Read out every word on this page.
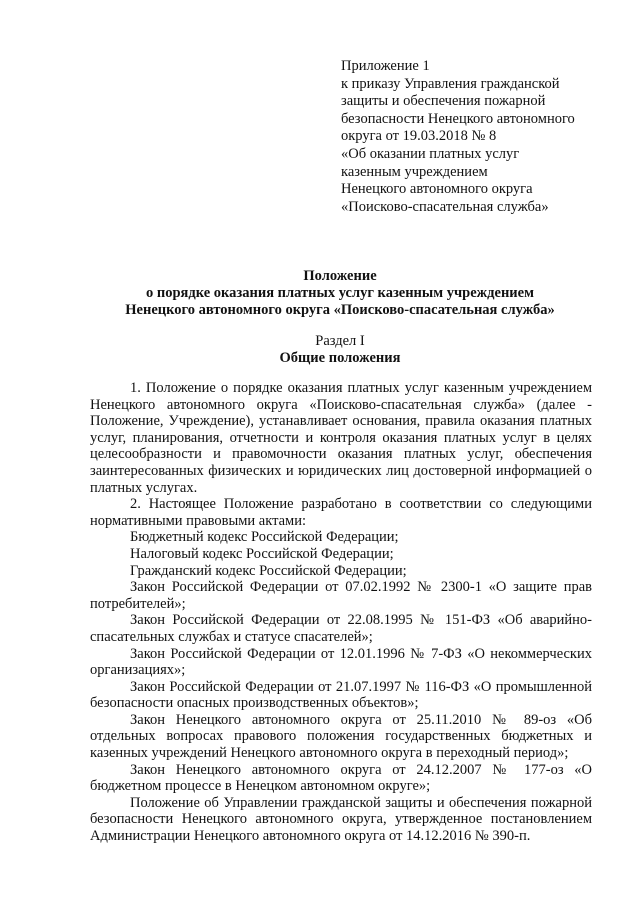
Приложение 1
к приказу Управления гражданской
защиты и обеспечения пожарной
безопасности Ненецкого автономного
округа от 19.03.2018 № 8
«Об оказании платных услуг
казенным учреждением
Ненецкого автономного округа
«Поисково-спасательная служба»
Положение
о порядке оказания платных услуг казенным учреждением
Ненецкого автономного округа «Поисково-спасательная служба»
Раздел I
Общие положения

1. Положение о порядке оказания платных услуг казенным учреждением Ненецкого автономного округа «Поисково-спасательная служба» (далее - Положение, Учреждение), устанавливает основания, правила оказания платных услуг, планирования, отчетности и контроля оказания платных услуг в целях целесообразности и правомочности оказания платных услуг, обеспечения заинтересованных физических и юридических лиц достоверной информацией о платных услугах.

2. Настоящее Положение разработано в соответствии со следующими нормативными правовыми актами:

Бюджетный кодекс Российской Федерации;

Налоговый кодекс Российской Федерации;

Гражданский кодекс Российской Федерации;

Закон Российской Федерации от 07.02.1992 № 2300-1 «О защите прав потребителей»;

Закон Российской Федерации от 22.08.1995 № 151-ФЗ «Об аварийно-спасательных службах и статусе спасателей»;

Закон Российской Федерации от 12.01.1996 № 7-ФЗ «О некоммерческих организациях»;

Закон Российской Федерации от 21.07.1997 № 116-ФЗ «О промышленной безопасности опасных производственных объектов»;

Закон Ненецкого автономного округа от 25.11.2010 № 89-оз «Об отдельных вопросах правового положения государственных бюджетных и казенных учреждений Ненецкого автономного округа в переходный период»;

Закон Ненецкого автономного округа от 24.12.2007 № 177-оз «О бюджетном процессе в Ненецком автономном округе»;

Положение об Управлении гражданской защиты и обеспечения пожарной безопасности Ненецкого автономного округа, утвержденное постановлением Администрации Ненецкого автономного округа от 14.12.2016 № 390-п.
